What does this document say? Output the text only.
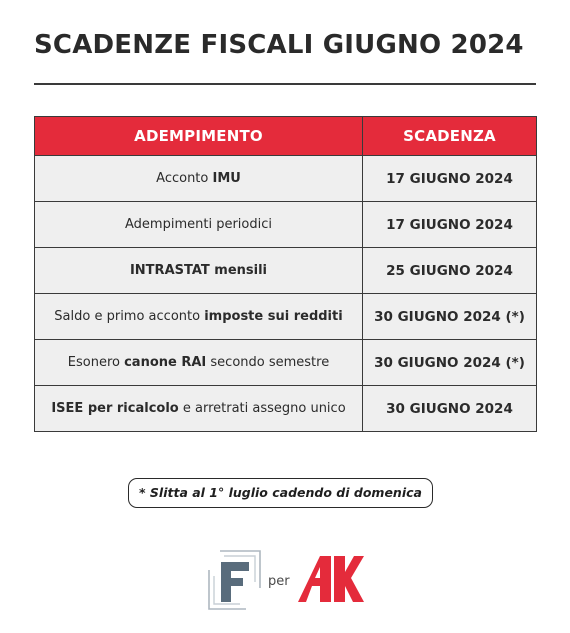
SCADENZE FISCALI GIUGNO 2024
ADEMPIMENTO	SCADENZA
Acconto IMU	17 GIUGNO 2024
Adempimenti periodici	17 GIUGNO 2024
INTRASTAT mensili	25 GIUGNO 2024
Saldo e primo acconto imposte sui redditi	30 GIUGNO 2024 (*)
Esonero canone RAI secondo semestre	30 GIUGNO 2024 (*)
ISEE per ricalcolo e arretrati assegno unico	30 GIUGNO 2024
* Slitta al 1° luglio cadendo di domenica
per
